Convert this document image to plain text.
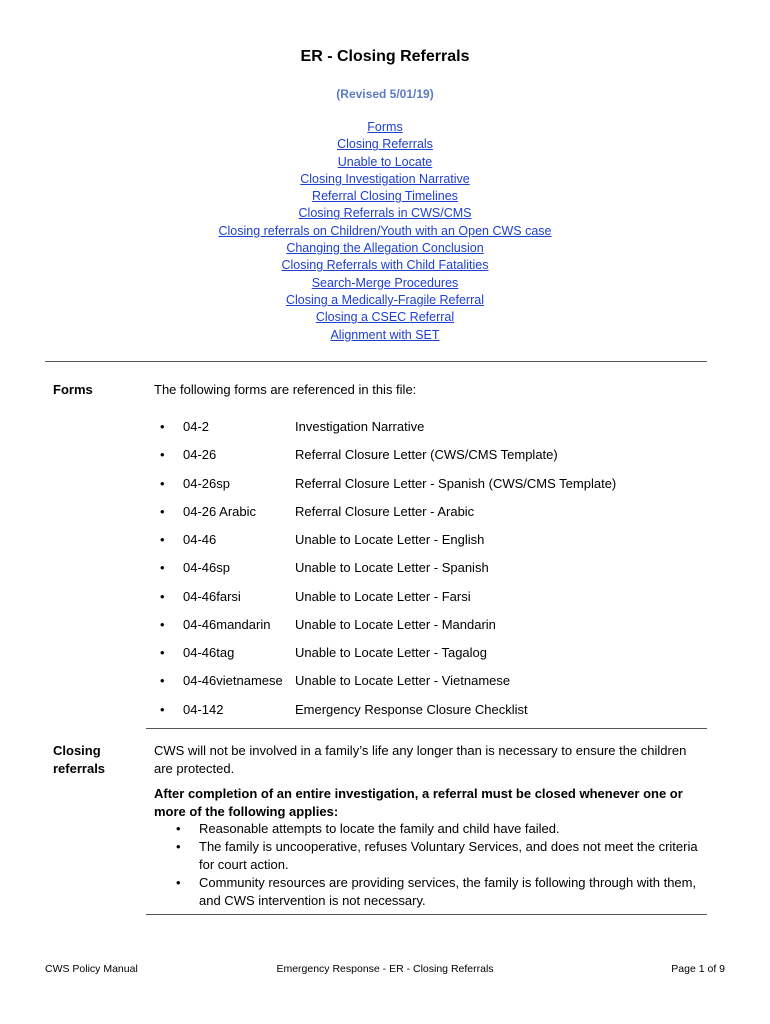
ER - Closing Referrals
(Revised 5/01/19)
Forms
Closing Referrals
Unable to Locate
Closing Investigation Narrative
Referral Closing Timelines
Closing Referrals in CWS/CMS
Closing referrals on Children/Youth with an Open CWS case
Changing the Allegation Conclusion
Closing Referrals with Child Fatalities
Search-Merge Procedures
Closing a Medically-Fragile Referral
Closing a CSEC Referral
Alignment with SET
Forms	The following forms are referenced in this file:
• 04-2	Investigation Narrative
• 04-26	Referral Closure Letter (CWS/CMS Template)
• 04-26sp	Referral Closure Letter - Spanish (CWS/CMS Template)
• 04-26 Arabic	Referral Closure Letter - Arabic
• 04-46	Unable to Locate Letter - English
• 04-46sp	Unable to Locate Letter - Spanish
• 04-46farsi	Unable to Locate Letter - Farsi
• 04-46mandarin Unable to Locate Letter - Mandarin
• 04-46tag	Unable to Locate Letter - Tagalog
• 04-46vietnamese Unable to Locate Letter - Vietnamese
• 04-142	Emergency Response Closure Checklist
Closing
referrals
CWS will not be involved in a family’s life any longer than is necessary to ensure the children are protected.
After completion of an entire investigation, a referral must be closed whenever one or more of the following applies:
• Reasonable attempts to locate the family and child have failed.
• The family is uncooperative, refuses Voluntary Services, and does not meet the criteria for court action.
• Community resources are providing services, the family is following through with them, and CWS intervention is not necessary.
CWS Policy Manual	Emergency Response - ER - Closing Referrals	Page 1 of 9
